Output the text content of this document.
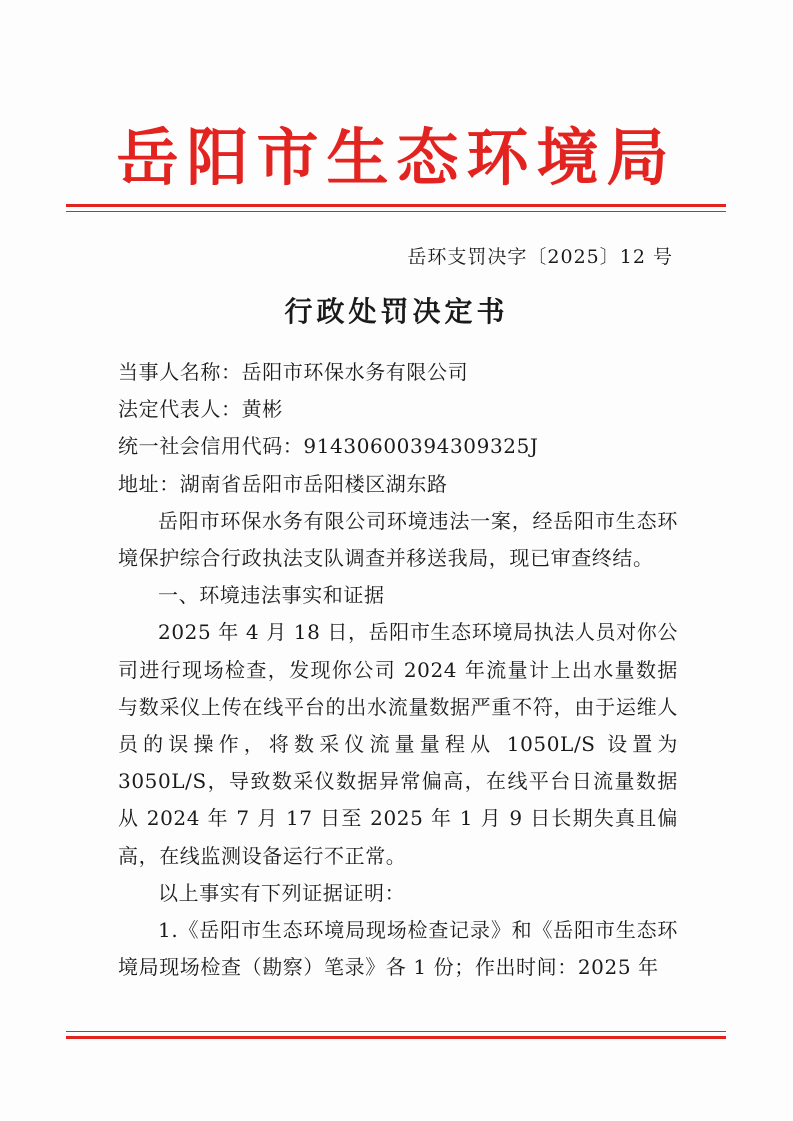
岳阳市生态环境局
岳环支罚决字〔2025〕12 号
行政处罚决定书

当事人名称：岳阳市环保水务有限公司

法定代表人：黄彬

统一社会信用代码：91430600394309325J

地址：湖南省岳阳市岳阳楼区湖东路

岳阳市环保水务有限公司环境违法一案，经岳阳市生态环境保护综合行政执法支队调查并移送我局，现已审查终结。

一、环境违法事实和证据

2025 年 4 月 18 日，岳阳市生态环境局执法人员对你公司进行现场检查，发现你公司 2024 年流量计上出水量数据与数采仪上传在线平台的出水流量数据严重不符，由于运维人员的误操作，将数采仪流量量程从 1050L/S 设置为 3050L/S，导致数采仪数据异常偏高，在线平台日流量数据从 2024 年 7 月 17 日至 2025 年 1 月 9 日长期失真且偏高，在线监测设备运行不正常。

以上事实有下列证据证明：

1.《岳阳市生态环境局现场检查记录》和《岳阳市生态环境局现场检查（勘察）笔录》各 1 份；作出时间：2025 年
